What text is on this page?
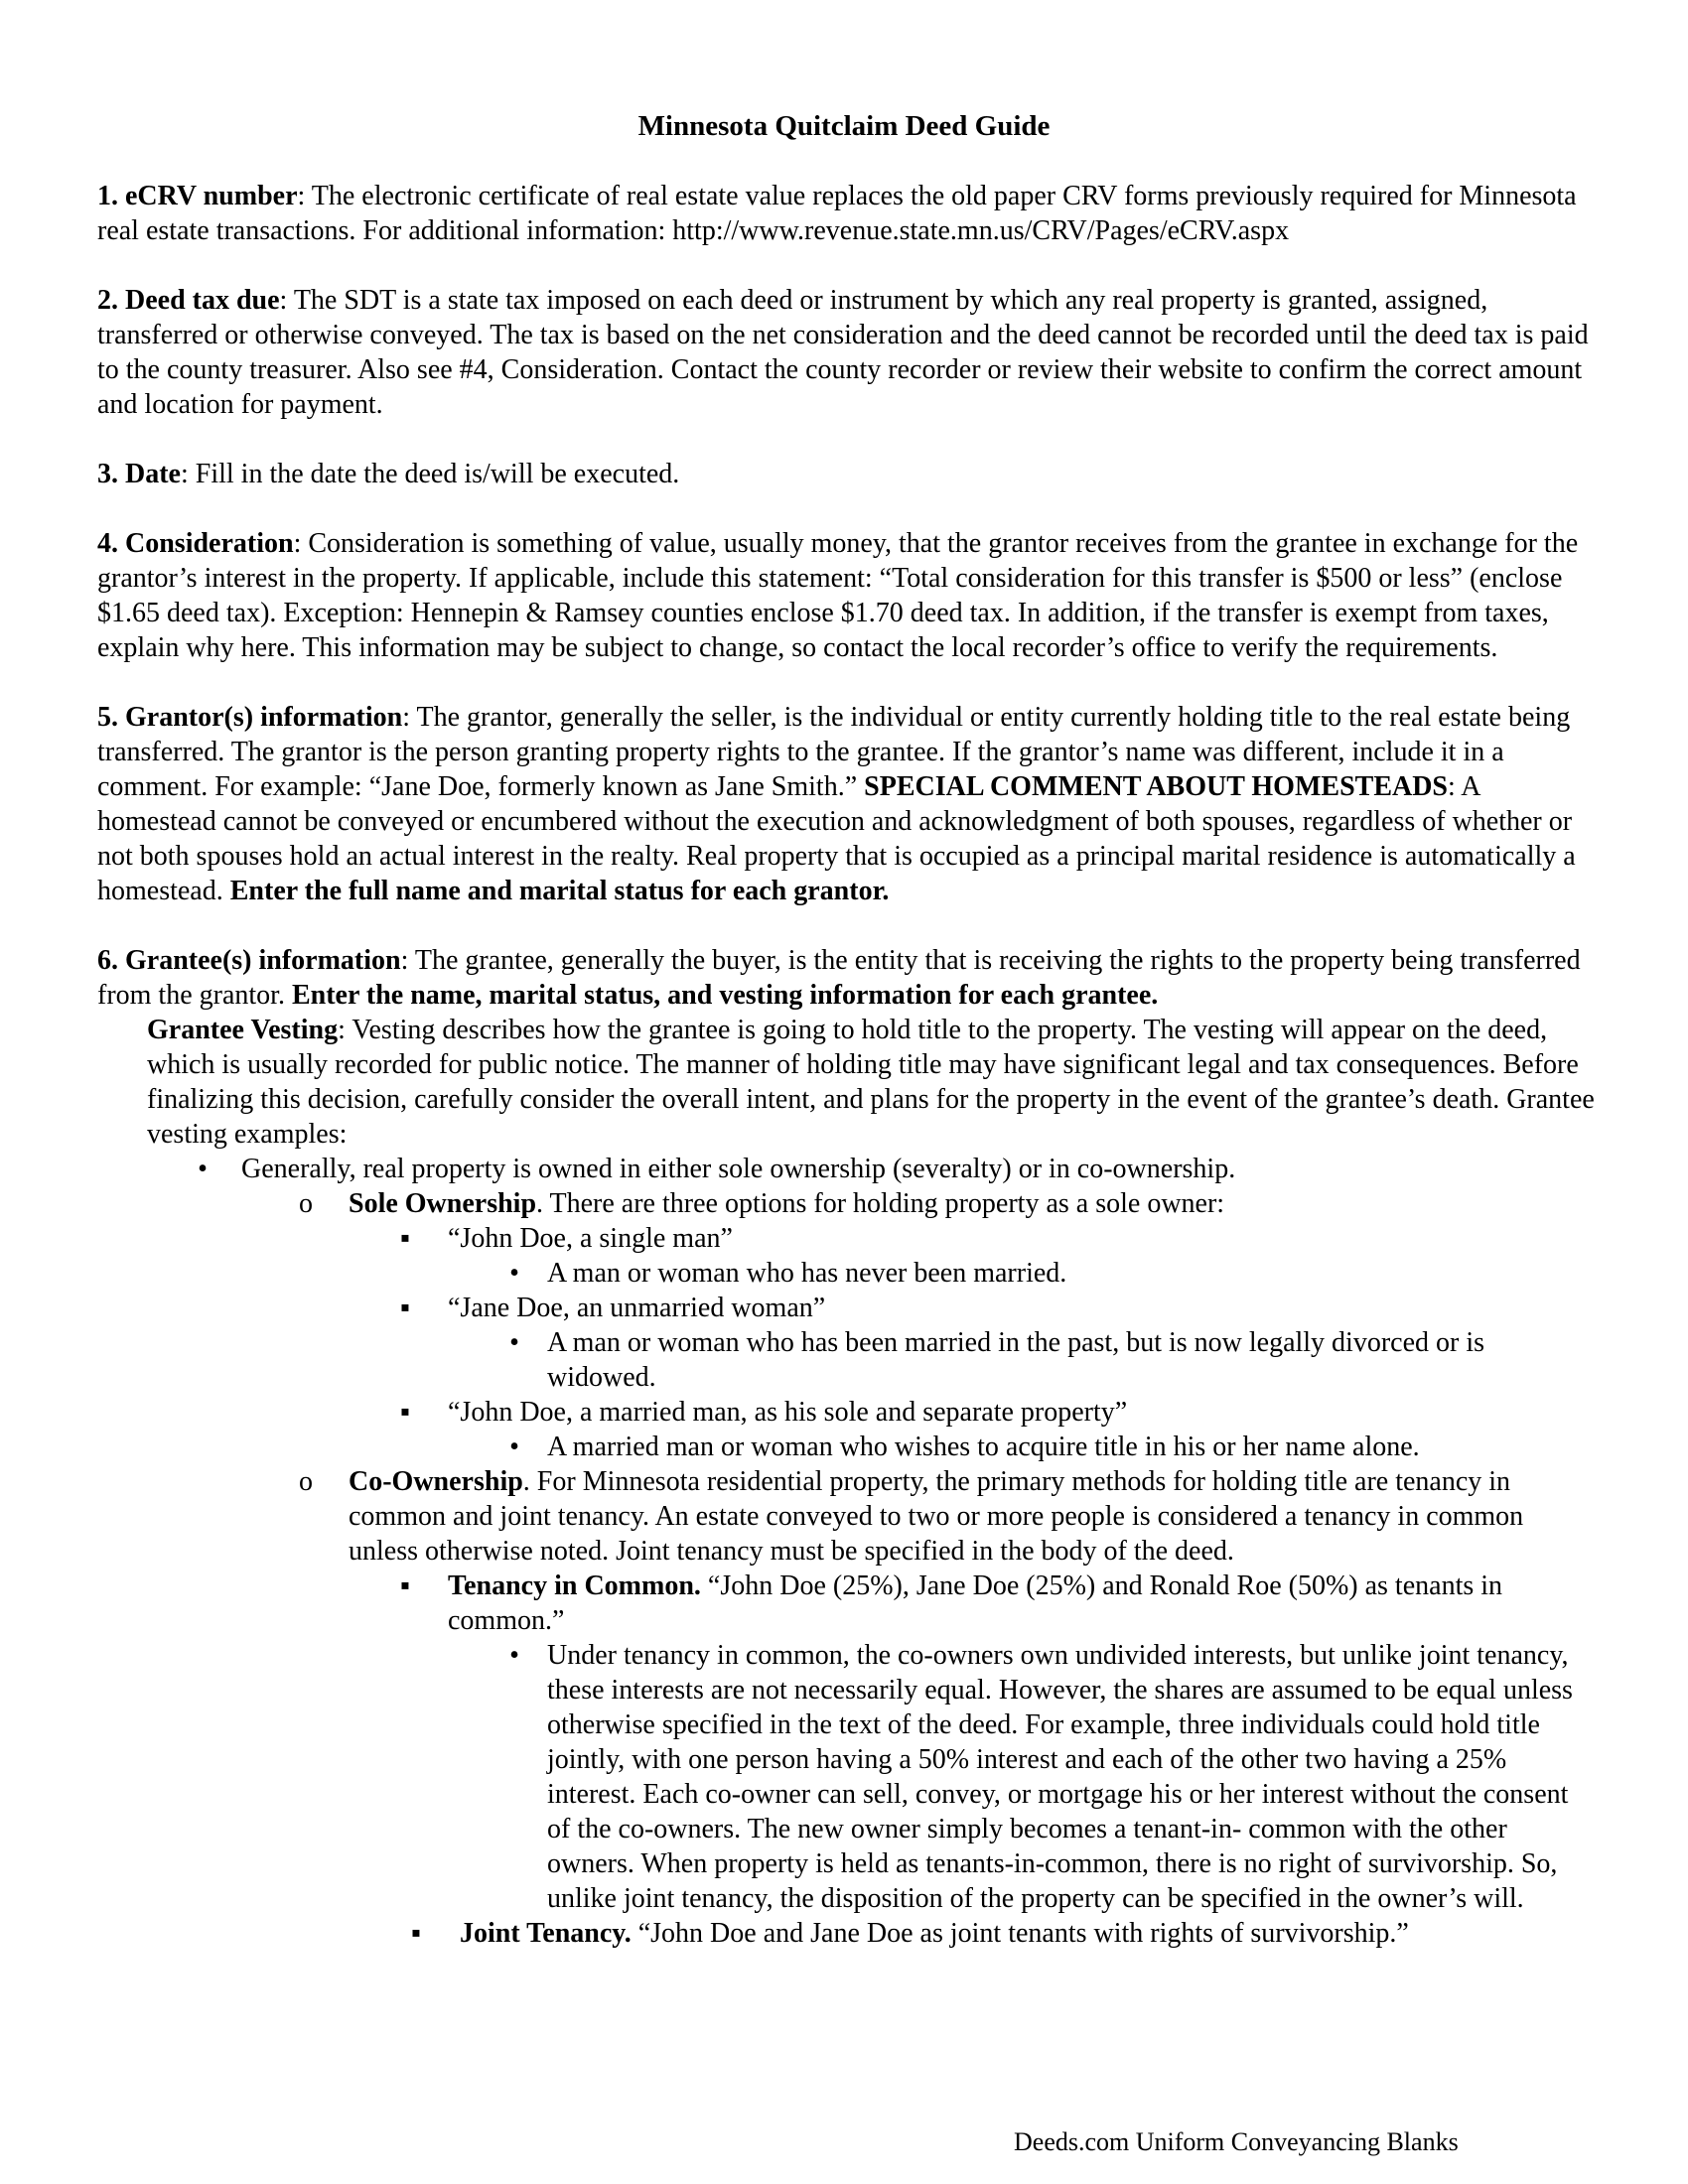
Minnesota Quitclaim Deed Guide

1. eCRV number: The electronic certificate of real estate value replaces the old paper CRV forms previously required for Minnesota real estate transactions. For additional information: http://www.revenue.state.mn.us/CRV/Pages/eCRV.aspx

2. Deed tax due: The SDT is a state tax imposed on each deed or instrument by which any real property is granted, assigned, transferred or otherwise conveyed. The tax is based on the net consideration and the deed cannot be recorded until the deed tax is paid to the county treasurer. Also see #4, Consideration. Contact the county recorder or review their website to confirm the correct amount and location for payment.

3. Date: Fill in the date the deed is/will be executed.

4. Consideration: Consideration is something of value, usually money, that the grantor receives from the grantee in exchange for the grantor’s interest in the property. If applicable, include this statement: “Total consideration for this transfer is $500 or less” (enclose $1.65 deed tax). Exception: Hennepin & Ramsey counties enclose $1.70 deed tax. In addition, if the transfer is exempt from taxes, explain why here. This information may be subject to change, so contact the local recorder’s office to verify the requirements.

5. Grantor(s) information: The grantor, generally the seller, is the individual or entity currently holding title to the real estate being transferred. The grantor is the person granting property rights to the grantee. If the grantor’s name was different, include it in a comment. For example: “Jane Doe, formerly known as Jane Smith.” SPECIAL COMMENT ABOUT HOMESTEADS: A homestead cannot be conveyed or encumbered without the execution and acknowledgment of both spouses, regardless of whether or not both spouses hold an actual interest in the realty. Real property that is occupied as a principal marital residence is automatically a homestead. Enter the full name and marital status for each grantor.

6. Grantee(s) information: The grantee, generally the buyer, is the entity that is receiving the rights to the property being transferred from the grantor. Enter the name, marital status, and vesting information for each grantee.

Grantee Vesting: Vesting describes how the grantee is going to hold title to the property. The vesting will appear on the deed, which is usually recorded for public notice. The manner of holding title may have significant legal and tax consequences. Before finalizing this decision, carefully consider the overall intent, and plans for the property in the event of the grantee’s death. Grantee vesting examples:

•
Generally, real property is owned in either sole ownership (severalty) or in co-ownership.
o
Sole Ownership. There are three options for holding property as a sole owner:
▪
“John Doe, a single man”
•
A man or woman who has never been married.
▪
“Jane Doe, an unmarried woman”
•
A man or woman who has been married in the past, but is now legally divorced or is widowed.
▪
“John Doe, a married man, as his sole and separate property”
•
A married man or woman who wishes to acquire title in his or her name alone.
o
Co-Ownership. For Minnesota residential property, the primary methods for holding title are tenancy in common and joint tenancy. An estate conveyed to two or more people is considered a tenancy in common unless otherwise noted. Joint tenancy must be specified in the body of the deed.
▪
Tenancy in Common. “John Doe (25%), Jane Doe (25%) and Ronald Roe (50%) as tenants in common.”
•
Under tenancy in common, the co-owners own undivided interests, but unlike joint tenancy, these interests are not necessarily equal. However, the shares are assumed to be equal unless otherwise specified in the text of the deed. For example, three individuals could hold title jointly, with one person having a 50% interest and each of the other two having a 25% interest. Each co-owner can sell, convey, or mortgage his or her interest without the consent of the co-owners. The new owner simply becomes a tenant-in- common with the other owners. When property is held as tenants-in-common, there is no right of survivorship. So, unlike joint tenancy, the disposition of the property can be specified in the owner’s will.
▪
Joint Tenancy. “John Doe and Jane Doe as joint tenants with rights of survivorship.”
Deeds.com Uniform Conveyancing Blanks
